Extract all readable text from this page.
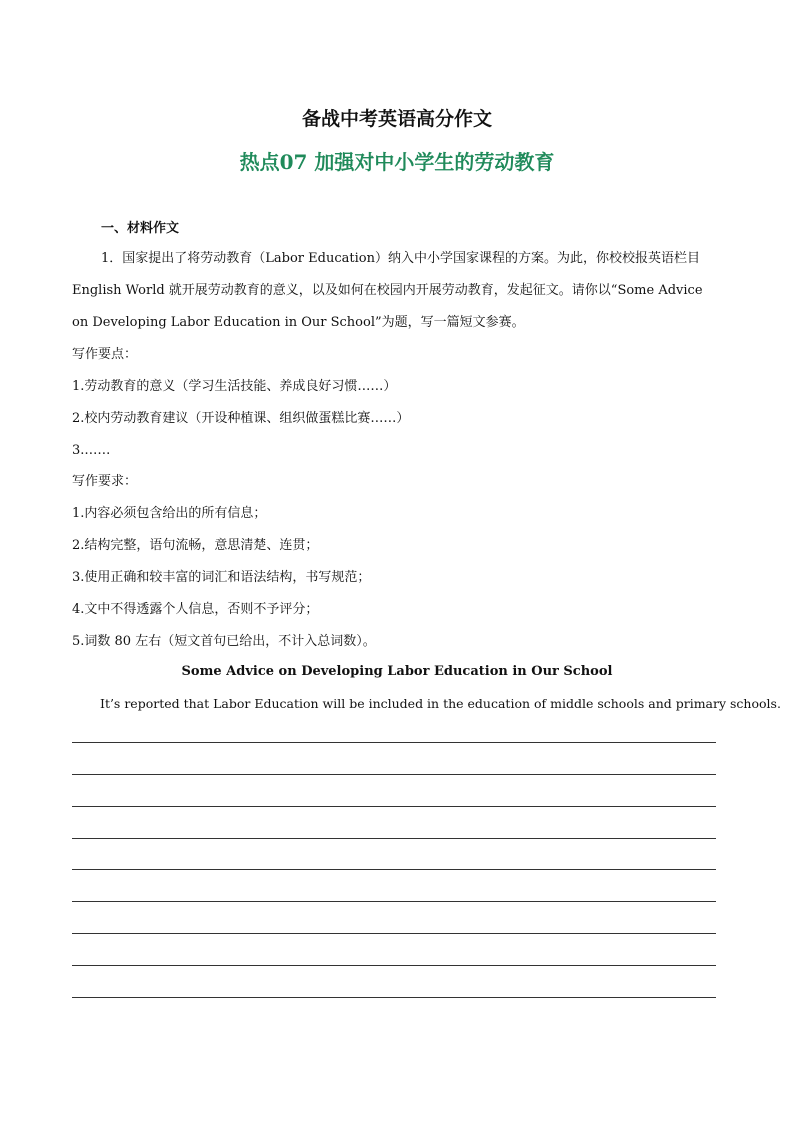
备战中考英语高分作文
热点07 加强对中小学生的劳动教育
一、材料作文
1．国家提出了将劳动教育（Labor Education）纳入中小学国家课程的方案。为此，你校校报英语栏目
English World 就开展劳动教育的意义，以及如何在校园内开展劳动教育，发起征文。请你以“Some Advice
on Developing Labor Education in Our School”为题，写一篇短文参赛。
写作要点：
1.劳动教育的意义（学习生活技能、养成良好习惯……）
2.校内劳动教育建议（开设种植课、组织做蛋糕比赛……）
3.……
写作要求：
1.内容必须包含给出的所有信息；
2.结构完整，语句流畅，意思清楚、连贯；
3.使用正确和较丰富的词汇和语法结构，书写规范；
4.文中不得透露个人信息，否则不予评分；
5.词数 80 左右（短文首句已给出，不计入总词数）。
Some Advice on Developing Labor Education in Our School
It’s reported that Labor Education will be included in the education of middle schools and primary schools.
